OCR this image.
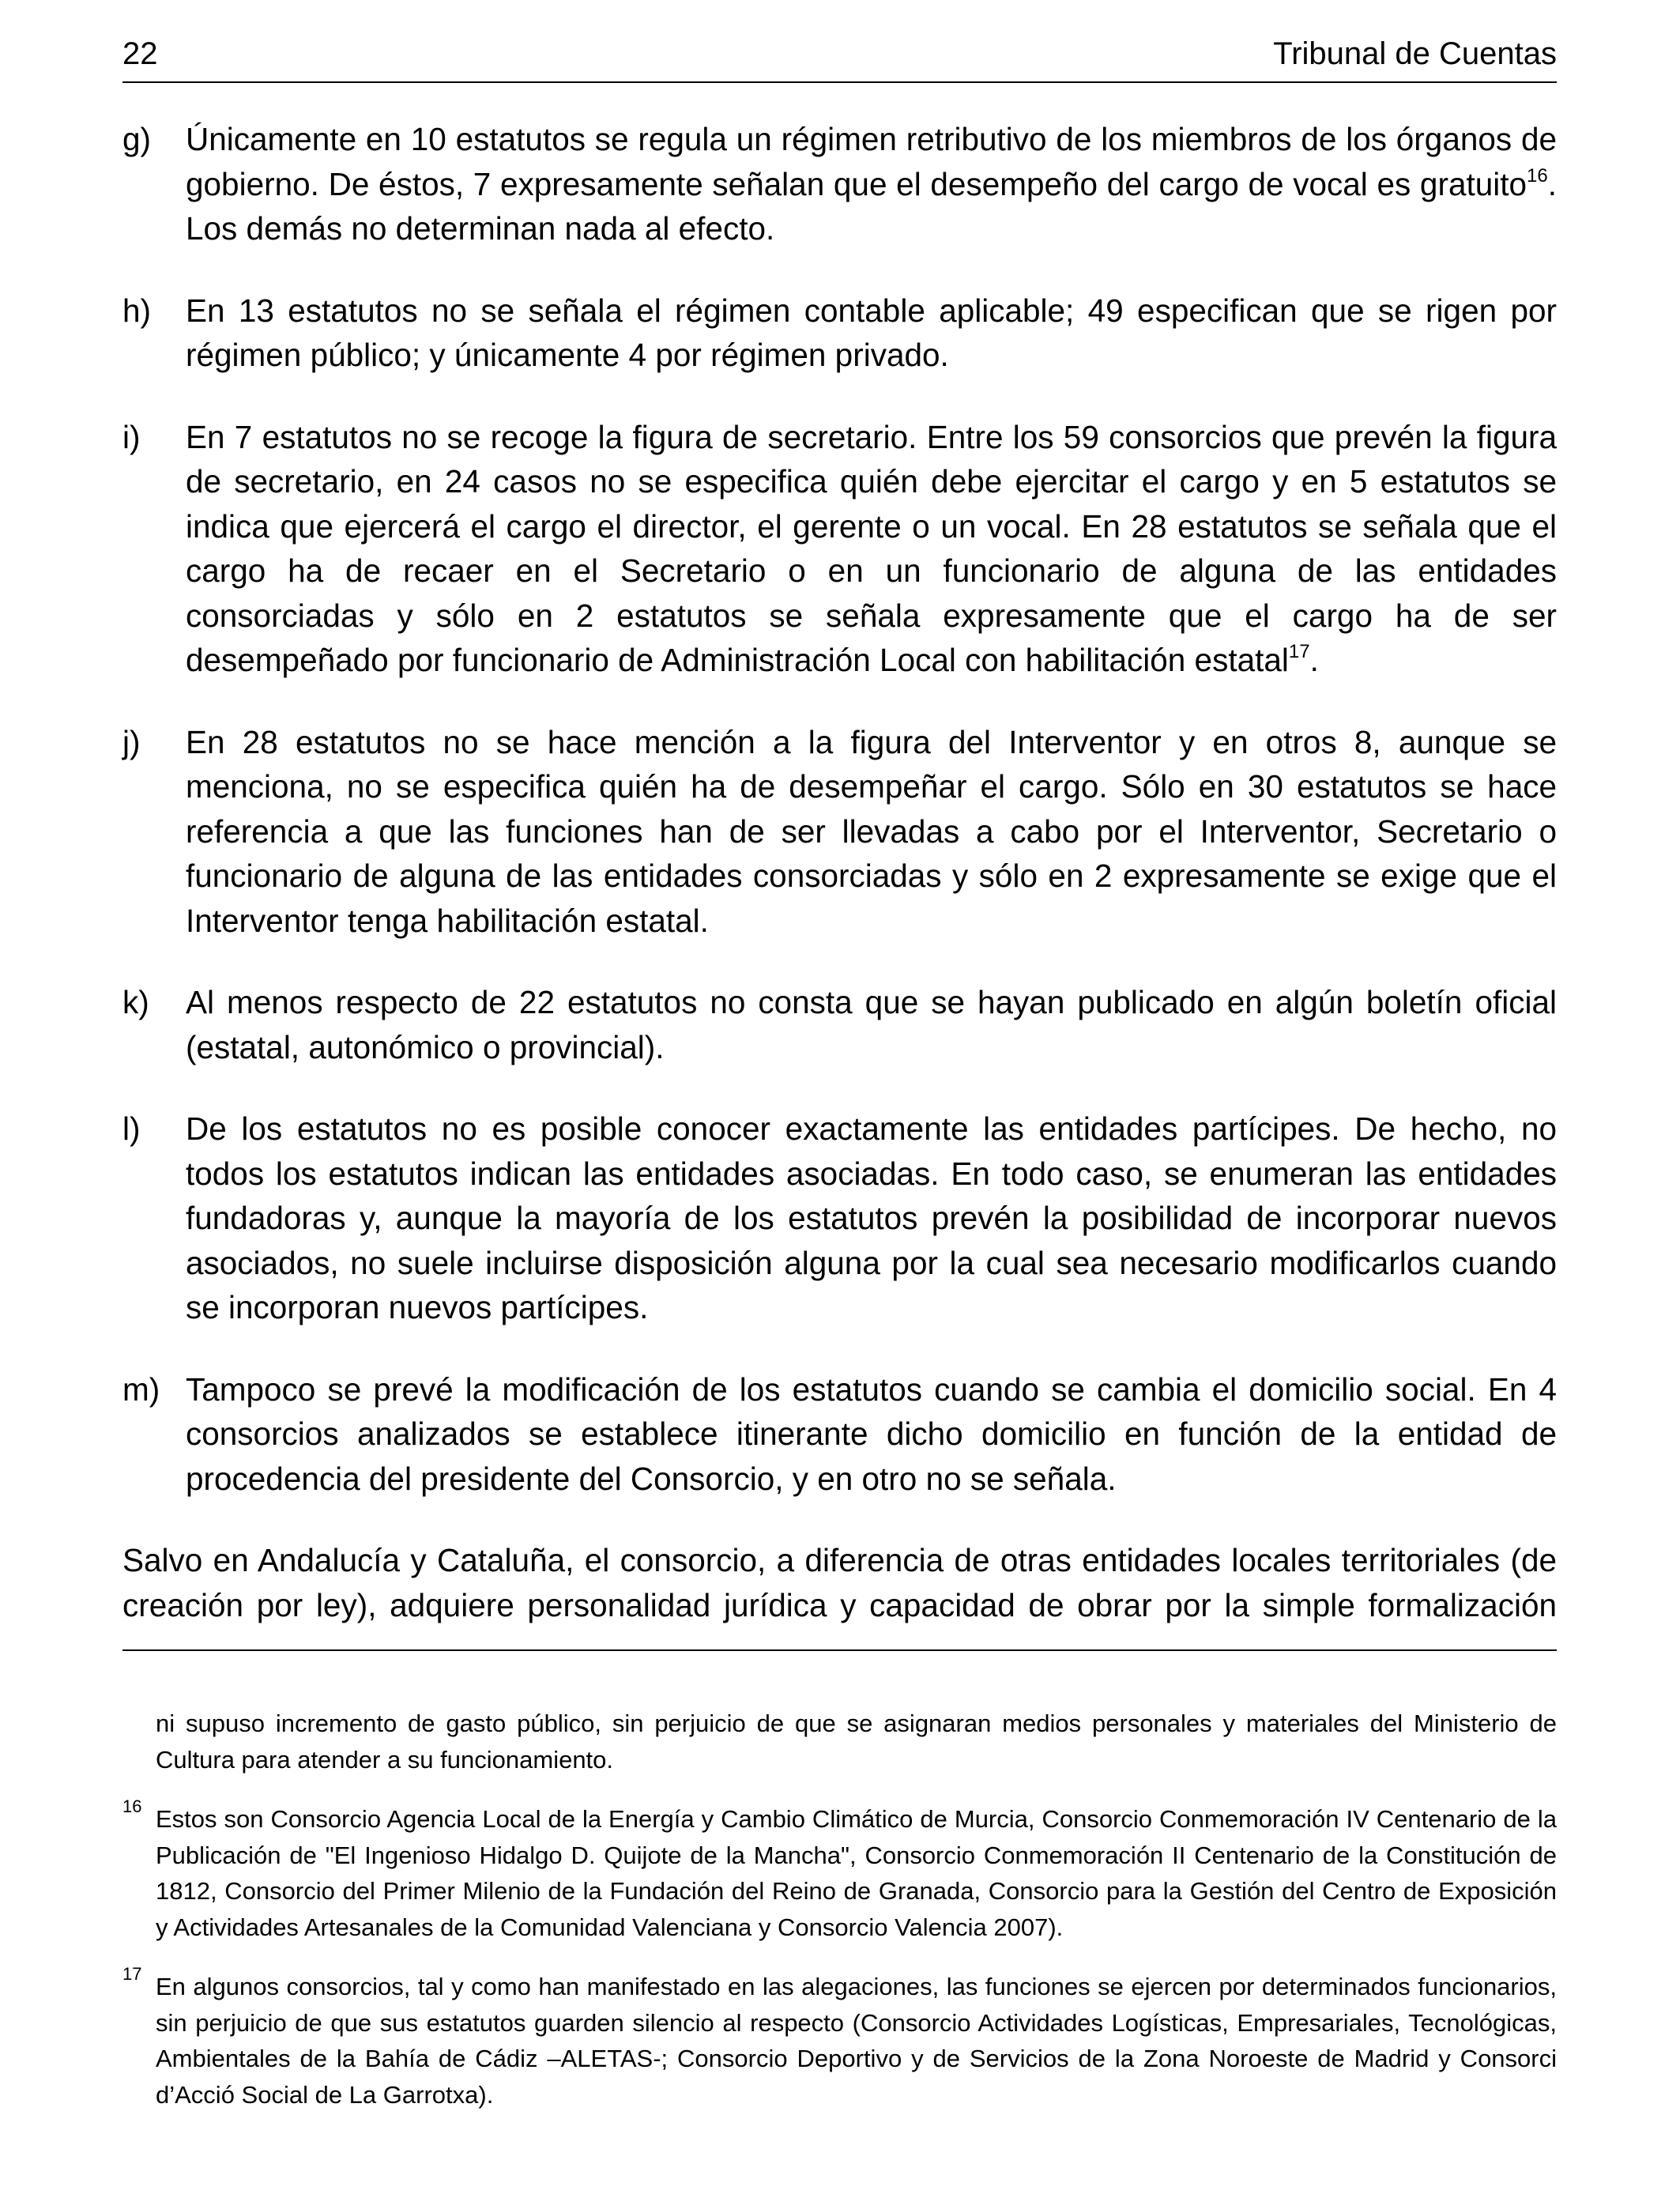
22	Tribunal de Cuentas
g) Únicamente en 10 estatutos se regula un régimen retributivo de los miembros de los órganos de gobierno. De éstos, 7 expresamente señalan que el desempeño del cargo de vocal es gratuito$^{16}$. Los demás no determinan nada al efecto.
h) En 13 estatutos no se señala el régimen contable aplicable; 49 especifican que se rigen por régimen público; y únicamente 4 por régimen privado.
i) En 7 estatutos no se recoge la figura de secretario. Entre los 59 consorcios que prevén la figura de secretario, en 24 casos no se especifica quién debe ejercitar el cargo y en 5 estatutos se indica que ejercerá el cargo el director, el gerente o un vocal. En 28 estatutos se señala que el cargo ha de recaer en el Secretario o en un funcionario de alguna de las entidades consorciadas y sólo en 2 estatutos se señala expresamente que el cargo ha de ser desempeñado por funcionario de Administración Local con habilitación estatal$^{17}$.
j) En 28 estatutos no se hace mención a la figura del Interventor y en otros 8, aunque se menciona, no se especifica quién ha de desempeñar el cargo. Sólo en 30 estatutos se hace referencia a que las funciones han de ser llevadas a cabo por el Interventor, Secretario o funcionario de alguna de las entidades consorciadas y sólo en 2 expresamente se exige que el Interventor tenga habilitación estatal.
k) Al menos respecto de 22 estatutos no consta que se hayan publicado en algún boletín oficial (estatal, autonómico o provincial).
l) De los estatutos no es posible conocer exactamente las entidades partícipes. De hecho, no todos los estatutos indican las entidades asociadas. En todo caso, se enumeran las entidades fundadoras y, aunque la mayoría de los estatutos prevén la posibilidad de incorporar nuevos asociados, no suele incluirse disposición alguna por la cual sea necesario modificarlos cuando se incorporan nuevos partícipes.
m) Tampoco se prevé la modificación de los estatutos cuando se cambia el domicilio social. En 4 consorcios analizados se establece itinerante dicho domicilio en función de la entidad de procedencia del presidente del Consorcio, y en otro no se señala.
Salvo en Andalucía y Cataluña, el consorcio, a diferencia de otras entidades locales territoriales (de creación por ley), adquiere personalidad jurídica y capacidad de obrar por la simple formalización
ni supuso incremento de gasto público, sin perjuicio de que se asignaran medios personales y materiales del Ministerio de Cultura para atender a su funcionamiento.
16 Estos son Consorcio Agencia Local de la Energía y Cambio Climático de Murcia, Consorcio Conmemoración IV Centenario de la Publicación de "El Ingenioso Hidalgo D. Quijote de la Mancha", Consorcio Conmemoración II Centenario de la Constitución de 1812, Consorcio del Primer Milenio de la Fundación del Reino de Granada, Consorcio para la Gestión del Centro de Exposición y Actividades Artesanales de la Comunidad Valenciana y Consorcio Valencia 2007).
17 En algunos consorcios, tal y como han manifestado en las alegaciones, las funciones se ejercen por determinados funcionarios, sin perjuicio de que sus estatutos guarden silencio al respecto (Consorcio Actividades Logísticas, Empresariales, Tecnológicas, Ambientales de la Bahía de Cádiz –ALETAS-; Consorcio Deportivo y de Servicios de la Zona Noroeste de Madrid y Consorci d’Acció Social de La Garrotxa).
